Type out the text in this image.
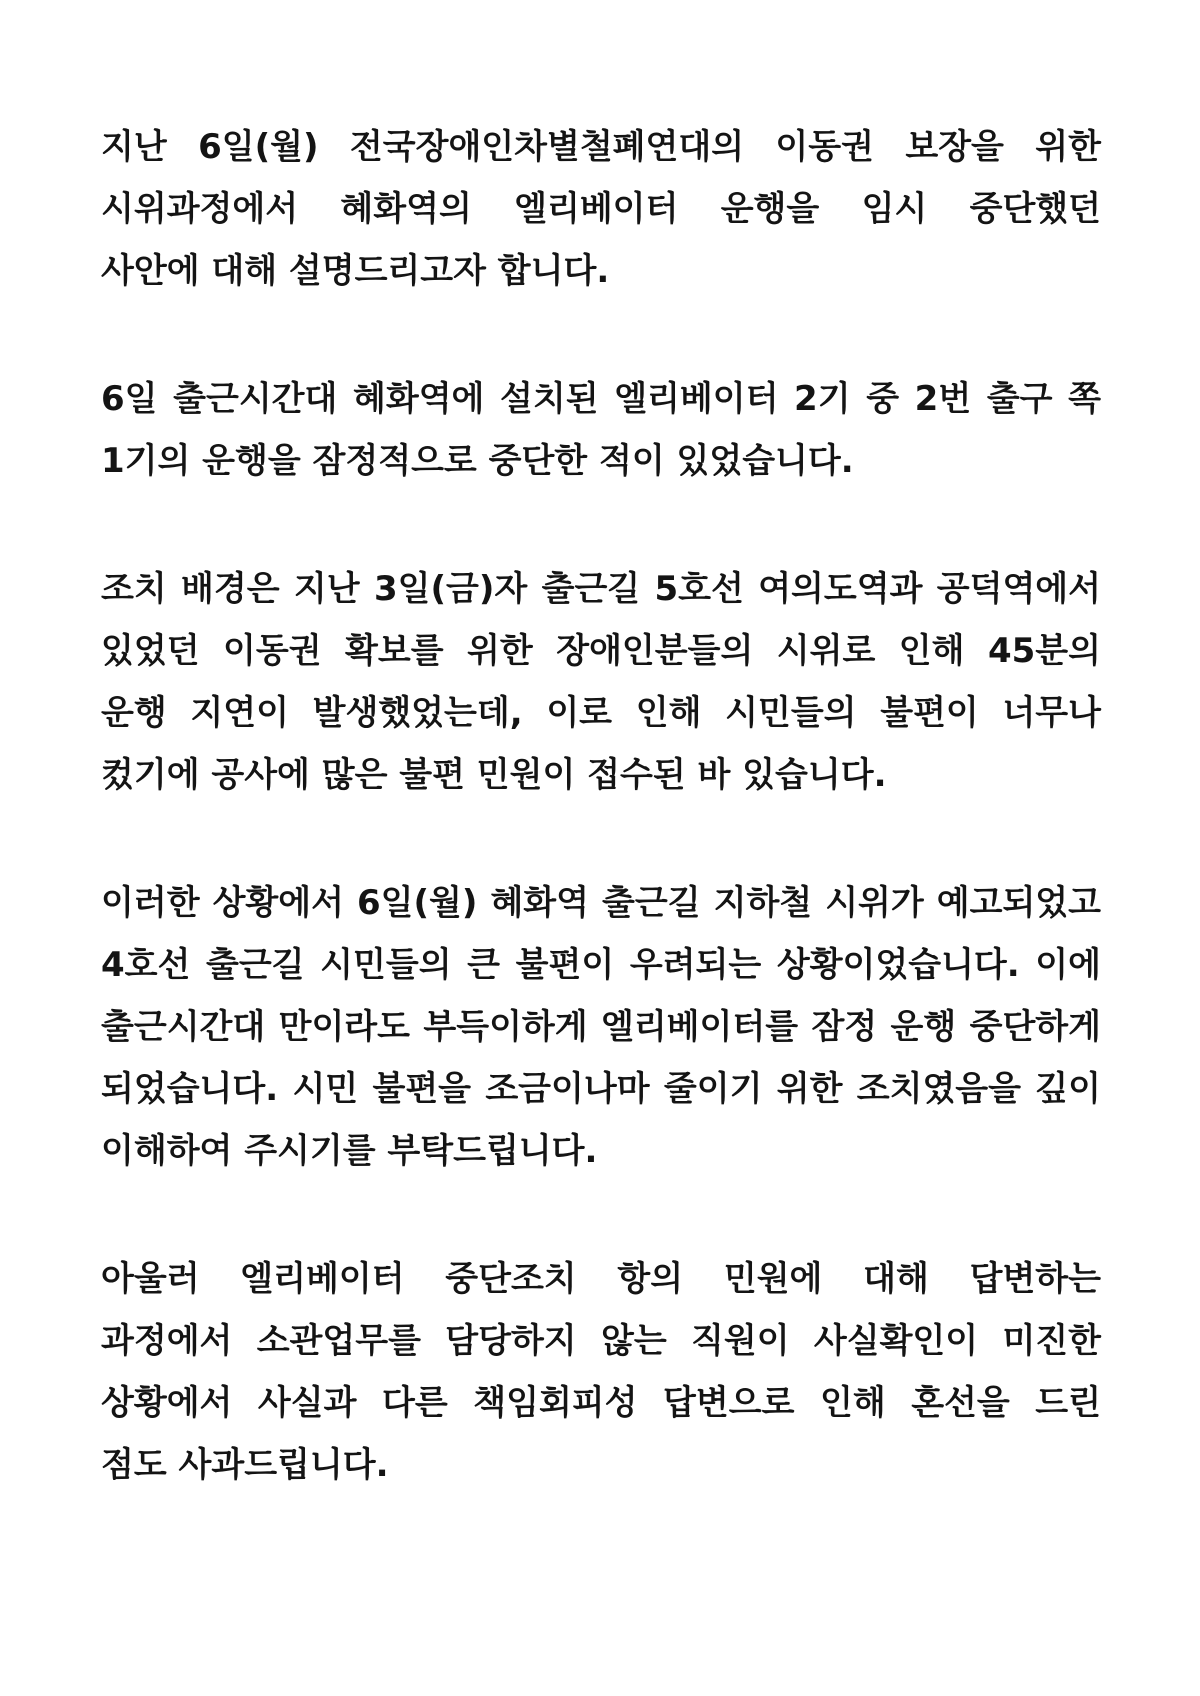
지난 6일(월) 전국장애인차별철폐연대의 이동권 보장을 위한
시위과정에서 혜화역의 엘리베이터 운행을 임시 중단했던
사안에 대해 설명드리고자 합니다.
6일 출근시간대 혜화역에 설치된 엘리베이터 2기 중 2번 출구 쪽
1기의 운행을 잠정적으로 중단한 적이 있었습니다.
조치 배경은 지난 3일(금)자 출근길 5호선 여의도역과 공덕역에서
있었던 이동권 확보를 위한 장애인분들의 시위로 인해 45분의
운행 지연이 발생했었는데, 이로 인해 시민들의 불편이 너무나
컸기에 공사에 많은 불편 민원이 접수된 바 있습니다.
이러한 상황에서 6일(월) 혜화역 출근길 지하철 시위가 예고되었고
4호선 출근길 시민들의 큰 불편이 우려되는 상황이었습니다. 이에
출근시간대 만이라도 부득이하게 엘리베이터를 잠정 운행 중단하게
되었습니다. 시민 불편을 조금이나마 줄이기 위한 조치였음을 깊이
이해하여 주시기를 부탁드립니다.
아울러 엘리베이터 중단조치 항의 민원에 대해 답변하는
과정에서 소관업무를 담당하지 않는 직원이 사실확인이 미진한
상황에서 사실과 다른 책임회피성 답변으로 인해 혼선을 드린
점도 사과드립니다.
